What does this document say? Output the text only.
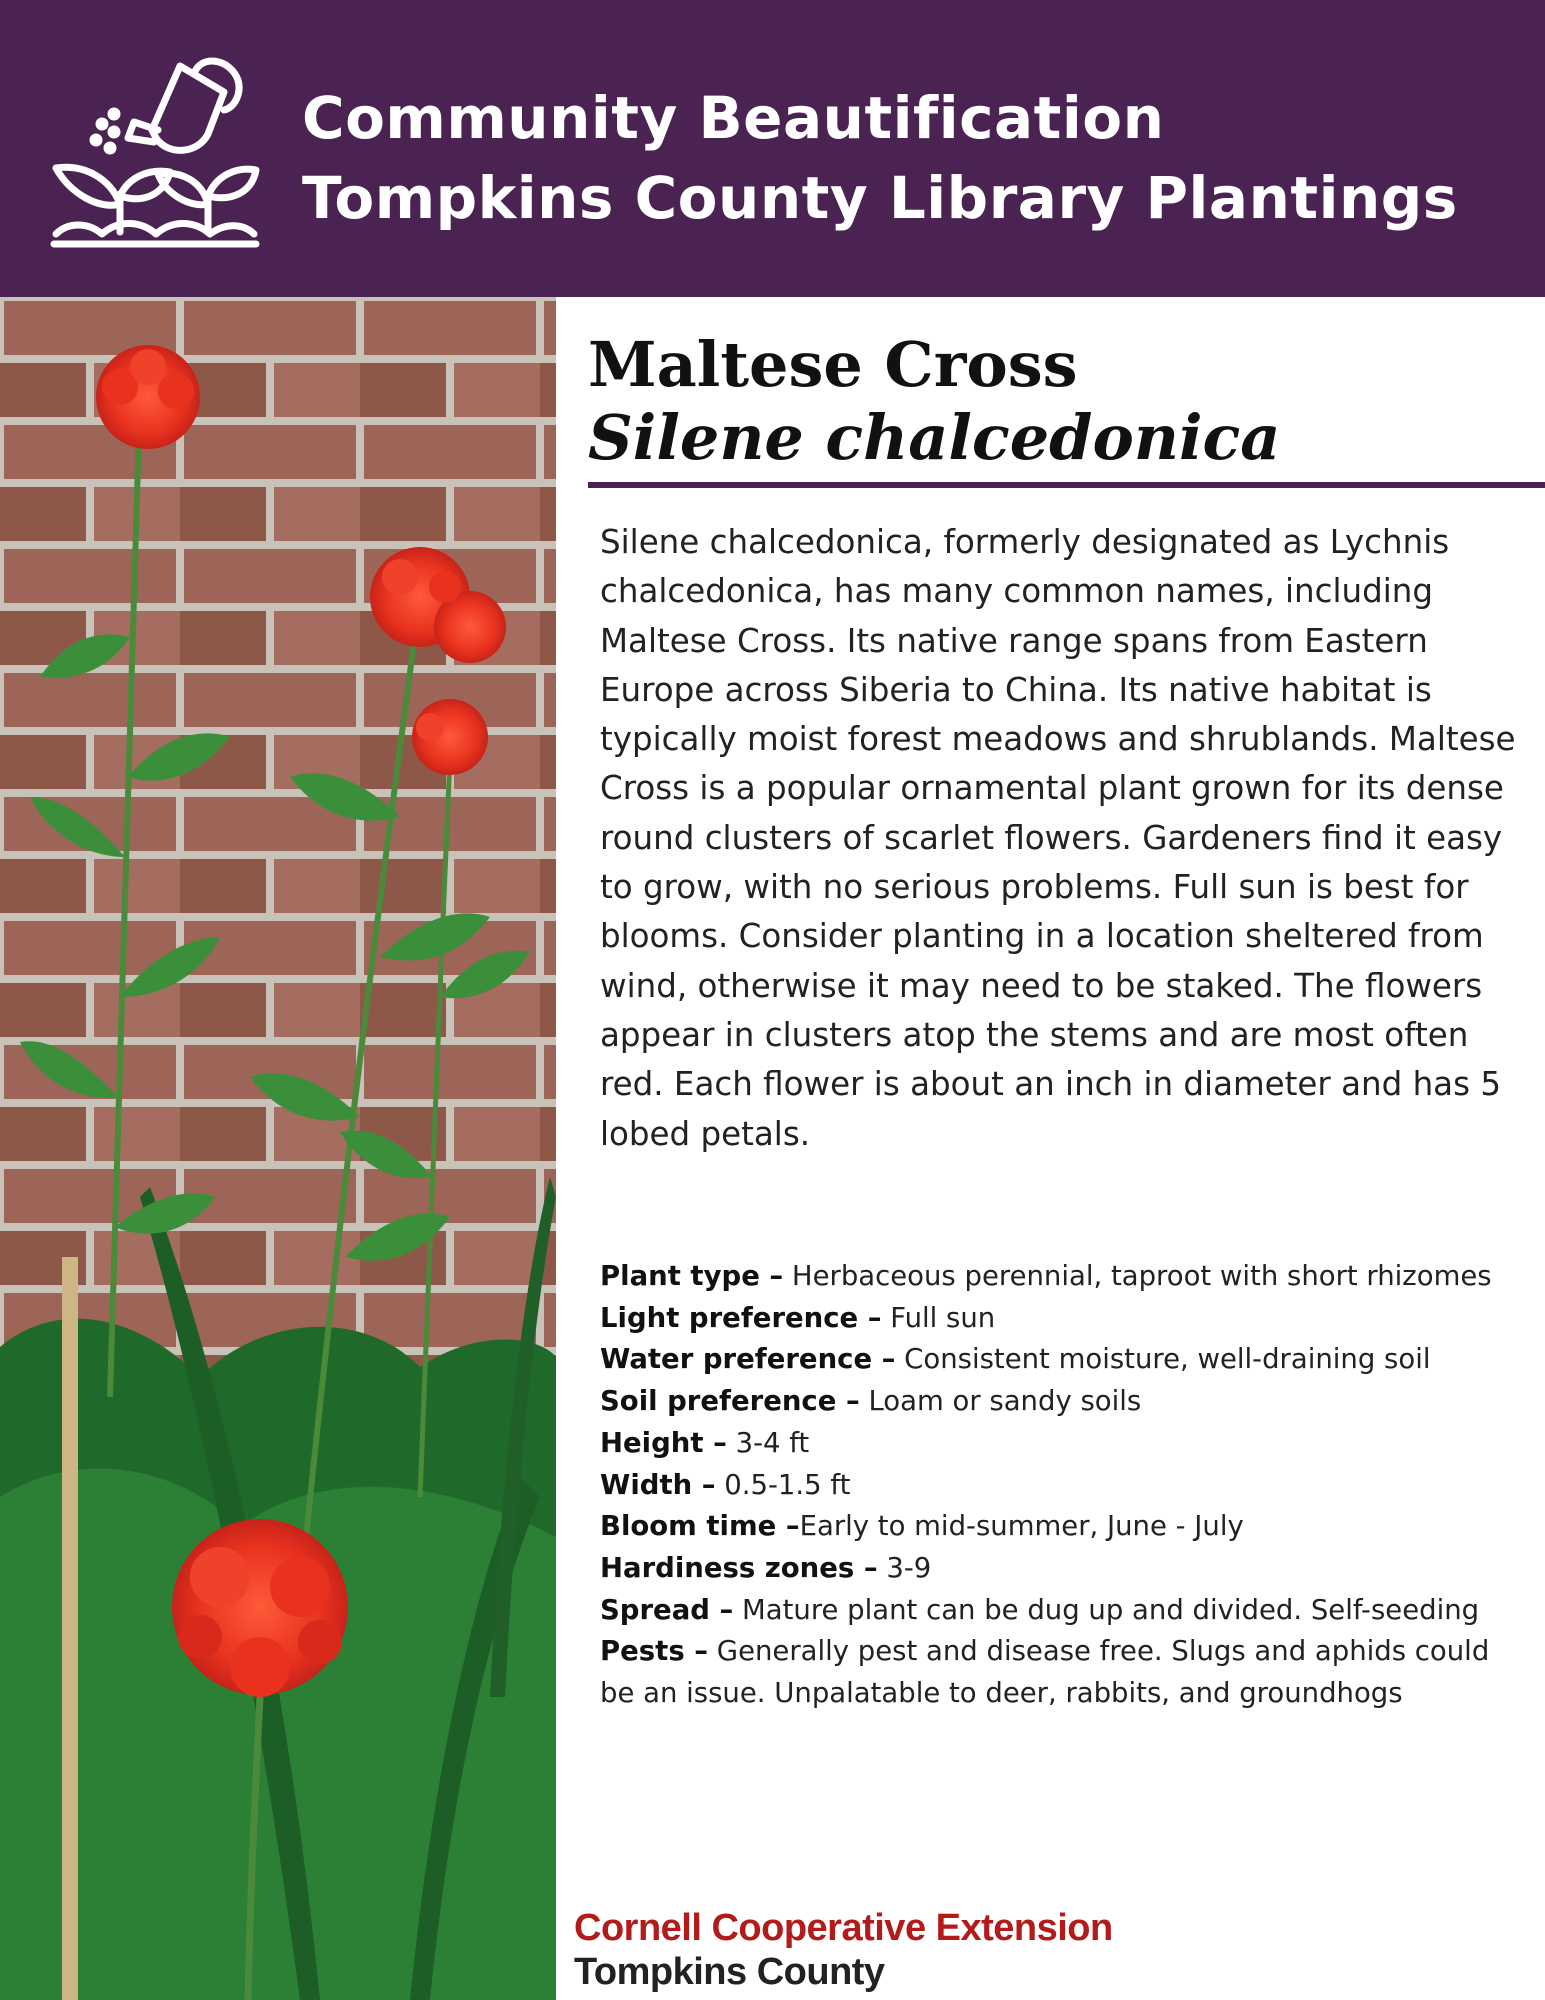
Community Beautification
Tompkins County Library Plantings
Maltese Cross
Silene chalcedonica

Silene chalcedonica, formerly designated as Lychnis chalcedonica, has many common names, including Maltese Cross. Its native range spans from Eastern Europe across Siberia to China. Its native habitat is typically moist forest meadows and shrublands. Maltese Cross is a popular ornamental plant grown for its dense round clusters of scarlet flowers. Gardeners find it easy to grow, with no serious problems. Full sun is best for blooms. Consider planting in a location sheltered from wind, otherwise it may need to be staked. The flowers appear in clusters atop the stems and are most often red. Each flower is about an inch in diameter and has 5 lobed petals.

Plant type – Herbaceous perennial, taproot with short rhizomes

Light preference – Full sun

Water preference – Consistent moisture, well-draining soil

Soil preference – Loam or sandy soils

Height – 3-4 ft

Width – 0.5-1.5 ft

Bloom time –Early to mid-summer, June - July

Hardiness zones – 3-9

Spread – Mature plant can be dug up and divided. Self-seeding

Pests – Generally pest and disease free. Slugs and aphids could be an issue. Unpalatable to deer, rabbits, and groundhogs

Cornell Cooperative Extension
Tompkins County
